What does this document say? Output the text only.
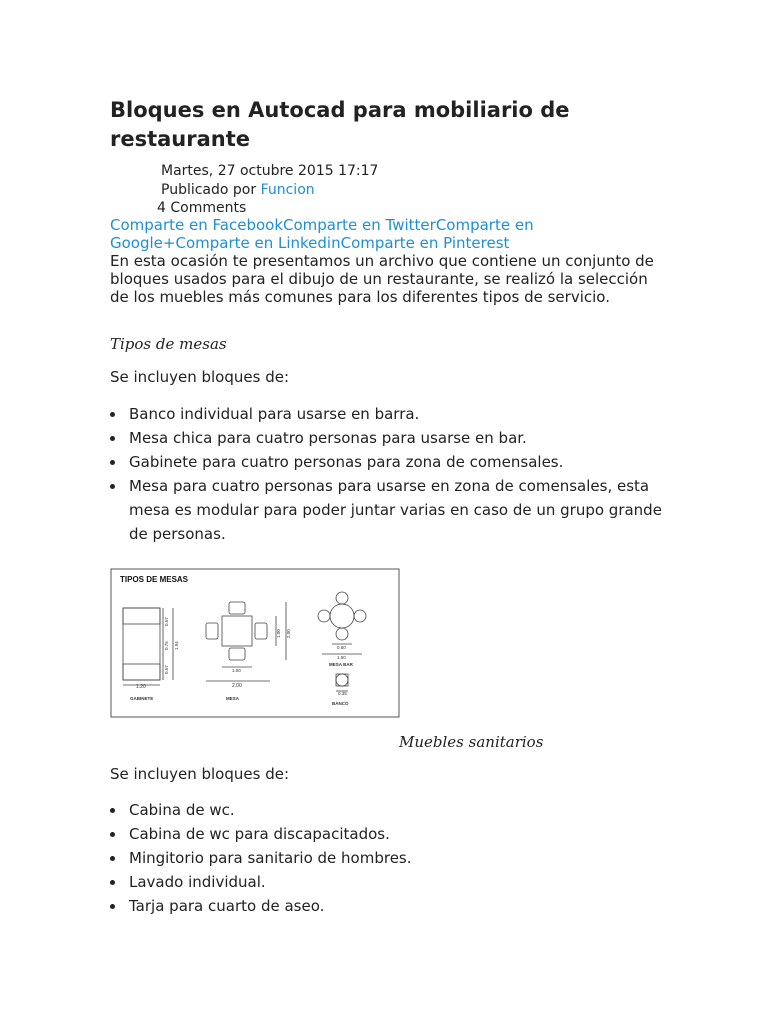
Bloques en Autocad para mobiliario de restaurante
Martes, 27 octubre 2015 17:17
Publicado por Funcion
4 Comments
Comparte en FacebookComparte en TwitterComparte en Google+Comparte en LinkedinComparte en Pinterest

En esta ocasión te presentamos un archivo que contiene un conjunto de bloques usados para el dibujo de un restaurante, se realizó la selección de los muebles más comunes para los diferentes tipos de servicio.

Tipos de mesas
Se incluyen bloques de:
Banco individual para usarse en barra.
Mesa chica para cuatro personas para usarse en bar.
Gabinete para cuatro personas para zona de comensales.
Mesa para cuatro personas para usarse en zona de comensales, esta mesa es modular para poder juntar varias en caso de un grupo grande de personas.
TIPOS DE MESAS
1.20
GABINETE
0.57
0.75
0.57
1.94
1.00
2.00
1.00 2.00
MESA
0.60
1.50
MESA BAR
0.35
BANCO
Muebles sanitarios
Se incluyen bloques de:
Cabina de wc.
Cabina de wc para discapacitados.
Mingitorio para sanitario de hombres.
Lavado individual.
Tarja para cuarto de aseo.
